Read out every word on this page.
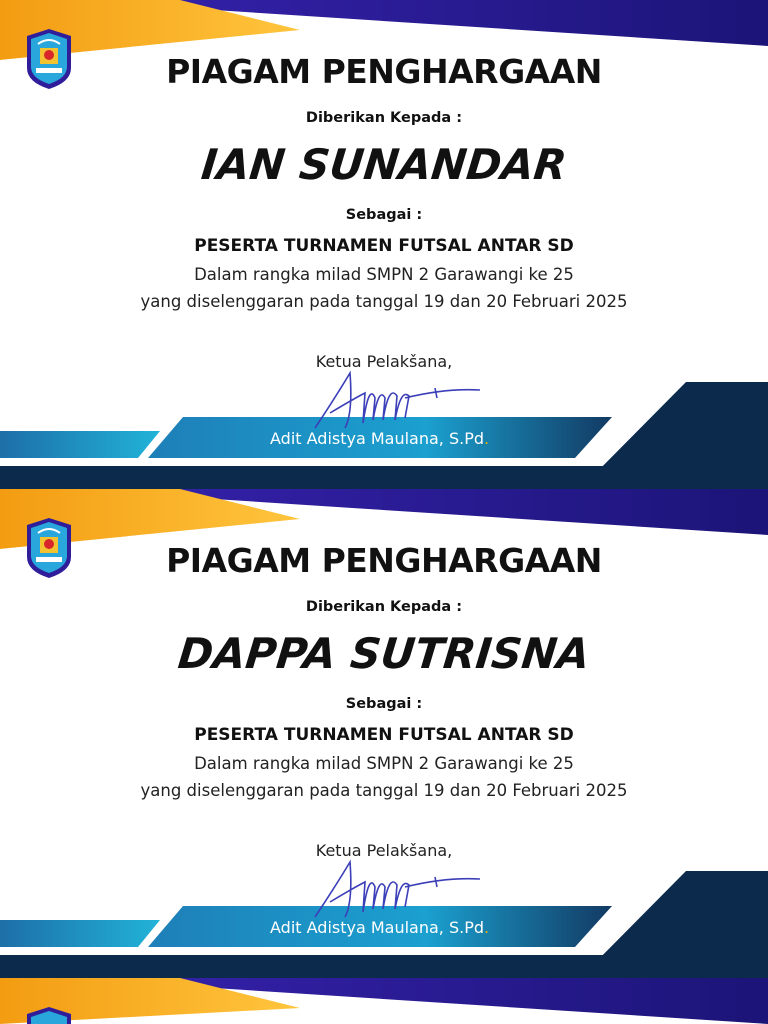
PIAGAM PENGHARGAAN
Diberikan Kepada :
IAN SUNANDAR
Sebagai :
PESERTA TURNAMEN FUTSAL ANTAR SD
Dalam rangka milad SMPN 2 Garawangi ke 25
yang diselenggaran pada tanggal 19 dan 20 Februari 2025
Ketua Pelakšana,
Adit Adistya Maulana, S.Pd.
PIAGAM PENGHARGAAN
Diberikan Kepada :
DAPPA SUTRISNA
Sebagai :
PESERTA TURNAMEN FUTSAL ANTAR SD
Dalam rangka milad SMPN 2 Garawangi ke 25
yang diselenggaran pada tanggal 19 dan 20 Februari 2025
Ketua Pelakšana,
Adit Adistya Maulana, S.Pd.
